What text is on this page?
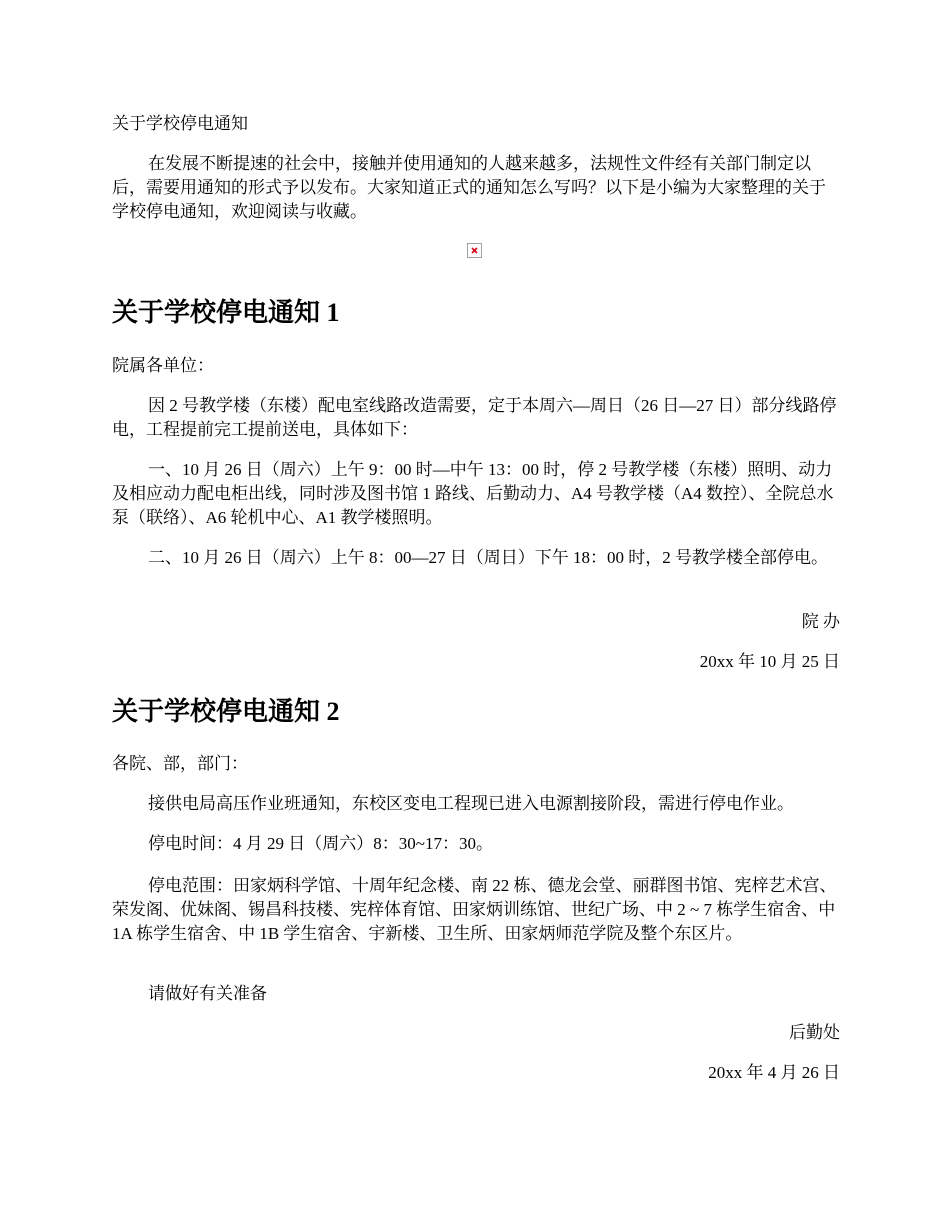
关于学校停电通知

在发展不断提速的社会中，接触并使用通知的人越来越多，法规性文件经有关部门制定以后，需要用通知的形式予以发布。大家知道正式的通知怎么写吗？以下是小编为大家整理的关于学校停电通知，欢迎阅读与收藏。

关于学校停电通知 1

院属各单位：

因 2 号教学楼（东楼）配电室线路改造需要，定于本周六—周日（26 日—27 日）部分线路停电，工程提前完工提前送电，具体如下：

一、10 月 26 日（周六）上午 9：00 时—中午 13：00 时，停 2 号教学楼（东楼）照明、动力及相应动力配电柜出线，同时涉及图书馆 1 路线、后勤动力、A4 号教学楼（A4 数控）、全院总水泵（联络）、A6 轮机中心、A1 教学楼照明。

二、10 月 26 日（周六）上午 8：00—27 日（周日）下午 18：00 时，2 号教学楼全部停电。

院 办

20xx 年 10 月 25 日

关于学校停电通知 2

各院、部，部门：

接供电局高压作业班通知，东校区变电工程现已进入电源割接阶段，需进行停电作业。

停电时间：4 月 29 日（周六）8：30~17：30。

停电范围：田家炳科学馆、十周年纪念楼、南 22 栋、德龙会堂、丽群图书馆、宪梓艺术宫、荣发阁、优妹阁、锡昌科技楼、宪梓体育馆、田家炳训练馆、世纪广场、中 2 ~ 7 栋学生宿舍、中 1A 栋学生宿舍、中 1B 学生宿舍、宇新楼、卫生所、田家炳师范学院及整个东区片。

请做好有关准备

后勤处

20xx 年 4 月 26 日
